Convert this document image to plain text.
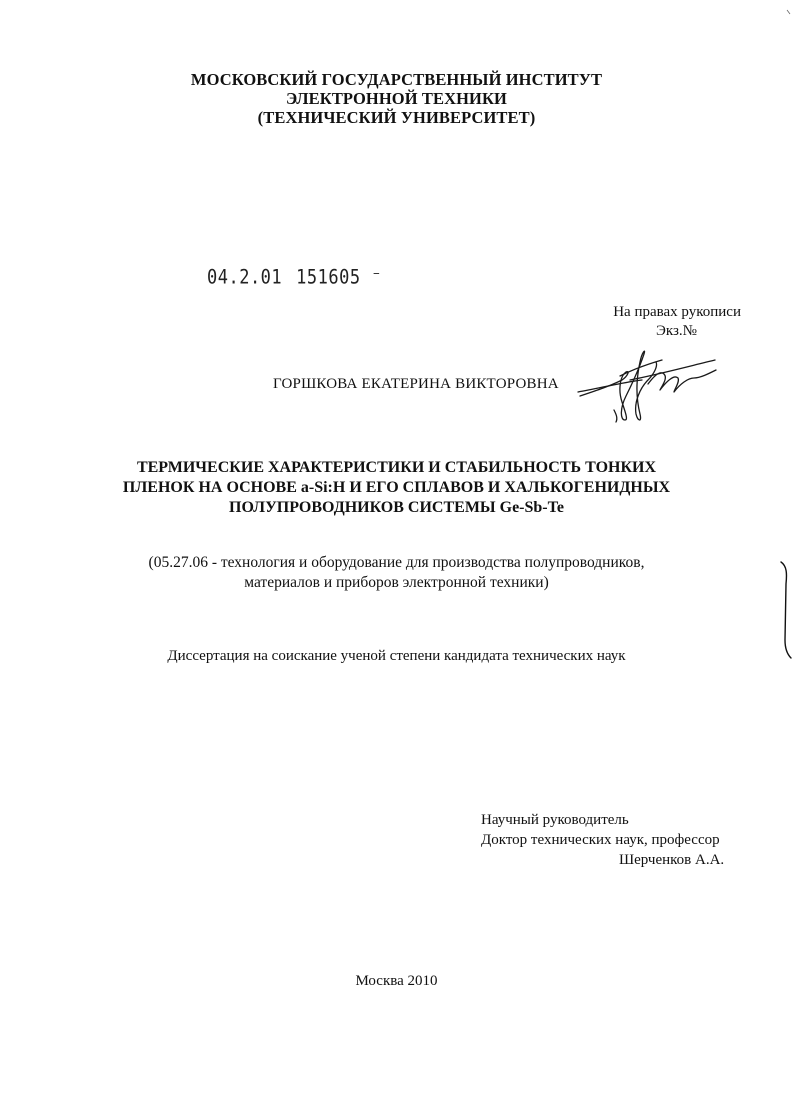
МОСКОВСКИЙ ГОСУДАРСТВЕННЫЙ ИНСТИТУТ
ЭЛЕКТРОННОЙ ТЕХНИКИ
(ТЕХНИЧЕСКИЙ УНИВЕРСИТЕТ)
04.2.01 151605 ⁻
На правах рукописи
Экз.№
ГОРШКОВА ЕКАТЕРИНА ВИКТОРОВНА
ТЕРМИЧЕСКИЕ ХАРАКТЕРИСТИКИ И СТАБИЛЬНОСТЬ ТОНКИХ
ПЛЕНОК НА ОСНОВЕ a-Si:H И ЕГО СПЛАВОВ И ХАЛЬКОГЕНИДНЫХ
ПОЛУПРОВОДНИКОВ СИСТЕМЫ Ge-Sb-Te
(05.27.06 - технология и оборудование для производства полупроводников,
материалов и приборов электронной техники)
Диссертация на соискание ученой степени кандидата технических наук
Научный руководитель
Доктор технических наук, профессор
Шерченков А.А.
Москва 2010
